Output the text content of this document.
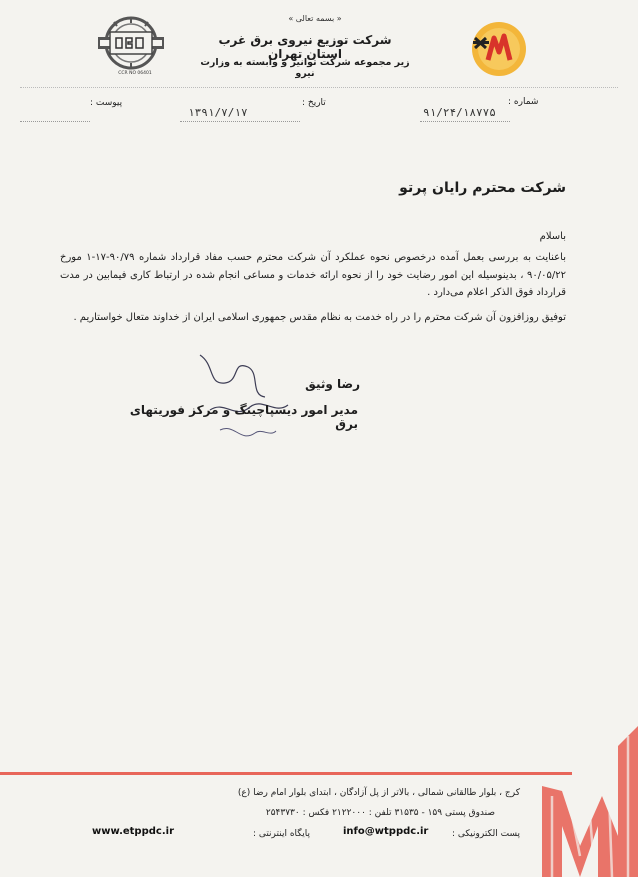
« بسمه تعالی »
شرکت توزیع نیروی برق غرب استان تهران
زیر مجموعه شرکت توانیر و وابسته به وزارت نیرو
CCR NO 06401
شماره :
۹۱/۲۴/۱۸۷۷۵
تاریخ :
۱۳۹۱/۷/۱۷
پیوست :
شرکت محترم رایان پرتو
باسلام
باعنایت به بررسی بعمل آمده درخصوص نحوه عملکرد آن شرکت محترم حسب مفاد قرارداد شماره ۹۰/۷۹-۱۷-۱ مورخ ۹۰/۰۵/۲۲ ، بدینوسیله این امور رضایت خود را از نحوه ارائه خدمات و مساعی انجام شده در ارتباط کاری فیمابین در مدت قرارداد فوق الذکر اعلام می‌دارد .
توفیق روزافزون آن شرکت محترم را در راه خدمت به نظام مقدس جمهوری اسلامی ایران از خداوند متعال خواستاریم .
رضا وثیق
مدیر امور دیسپاچینگ و مرکز فوریتهای برق
کرج ، بلوار طالقانی شمالی ، بالاتر از پل آزادگان ، ابتدای بلوار امام رضا (ع)
صندوق پستی ۱۵۹ - ۳۱۵۳۵ تلفن : ۲۱۲۲۰۰۰ فکس : ۲۵۴۳۷۳۰
پست الکترونیکی :
info@wtppdc.ir
پایگاه اینترنتی :
www.etppdc.ir
